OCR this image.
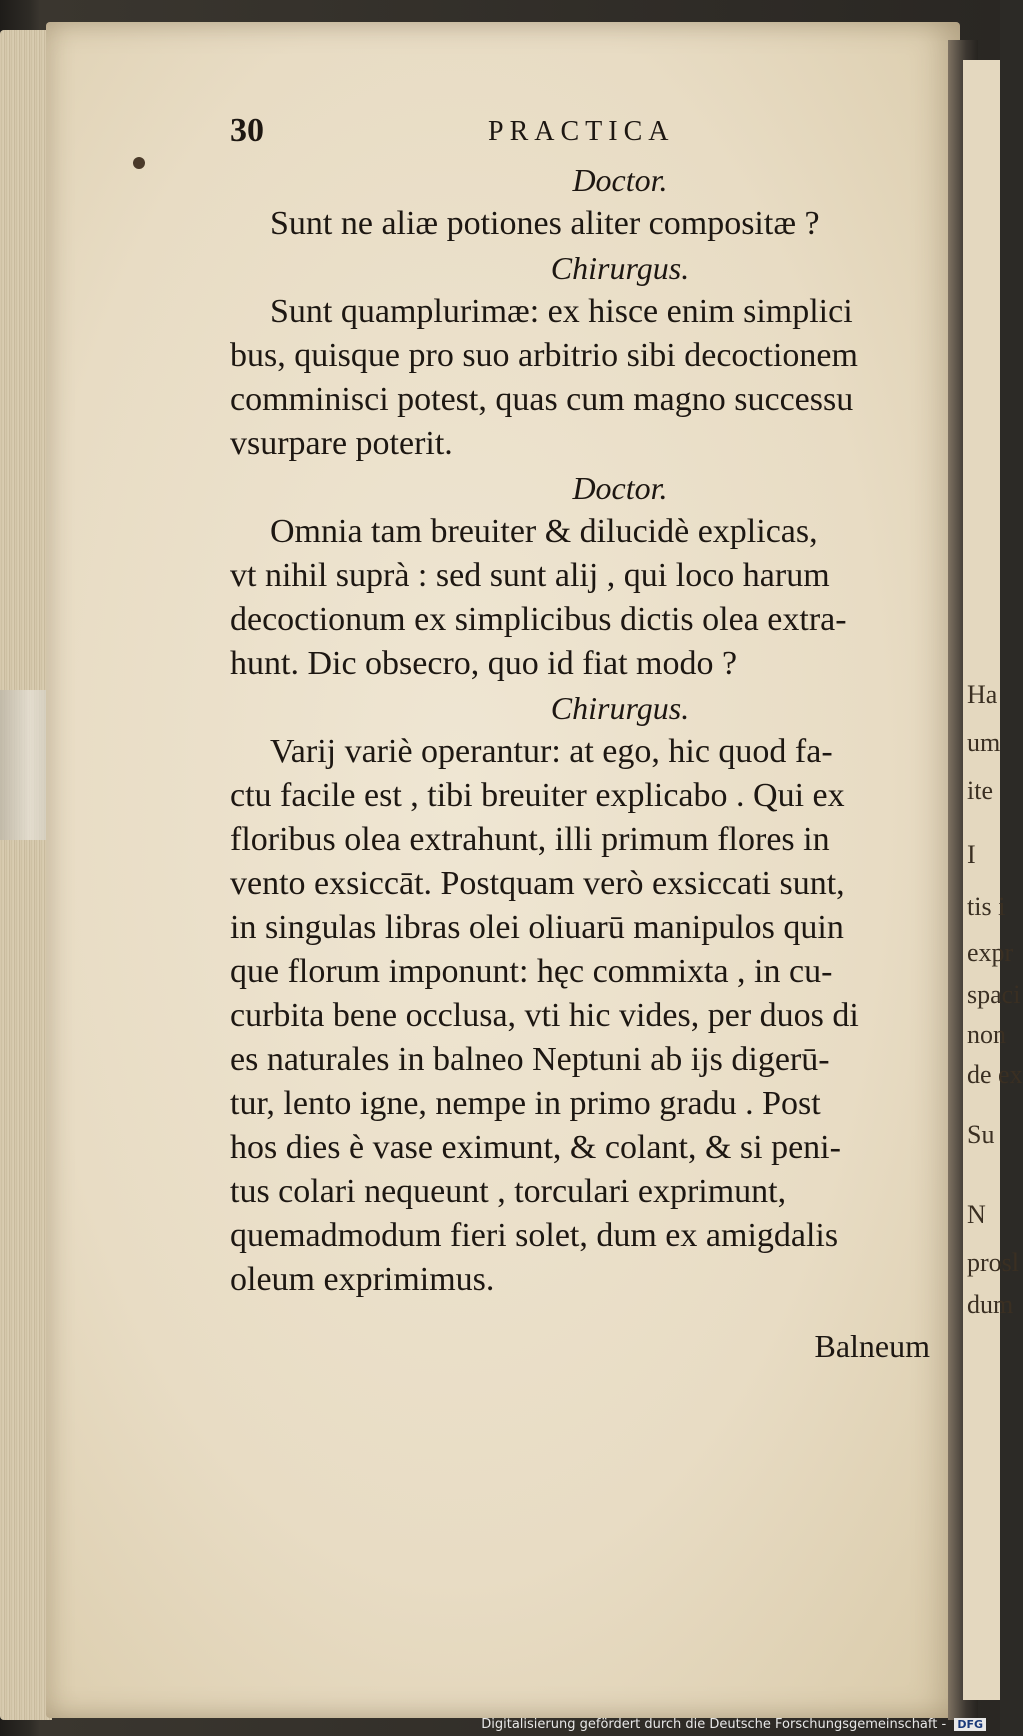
Ha
um
ite
I
tis i
expr
spaci
non
de ex
Su
N
prosl
dum
30	PRACTICA

Doctor.

Sunt ne aliæ potiones aliter compositæ ?

Chirurgus.

Sunt quamplurimæ: ex hisce enim simplici
bus, quisque pro suo arbitrio sibi decoctionem
comminisci potest, quas cum magno successu
vsurpare poterit.

Doctor.

Omnia tam breuiter & dilucidè explicas,
vt nihil suprà : sed sunt alij , qui loco harum
decoctionum ex simplicibus dictis olea extra-
hunt. Dic obsecro, quo id fiat modo ?

Chirurgus.

Varij variè operantur: at ego, hic quod fa-
ctu facile est , tibi breuiter explicabo . Qui ex
floribus olea extrahunt, illi primum flores in
vento exsiccāt. Postquam verò exsiccati sunt,
in singulas libras olei oliuarū manipulos quin
que florum imponunt: hęc commixta , in cu-
curbita bene occlusa, vti hic vides, per duos di
es naturales in balneo Neptuni ab ijs digerū-
tur, lento igne, nempe in primo gradu . Post
hos dies è vase eximunt, & colant, & si peni-
tus colari nequeunt , torculari exprimunt,
quemadmodum fieri solet, dum ex amigdalis
oleum exprimimus.

Balneum
Digitalisierung gefördert durch die Deutsche Forschungsgemeinschaft - DFG
